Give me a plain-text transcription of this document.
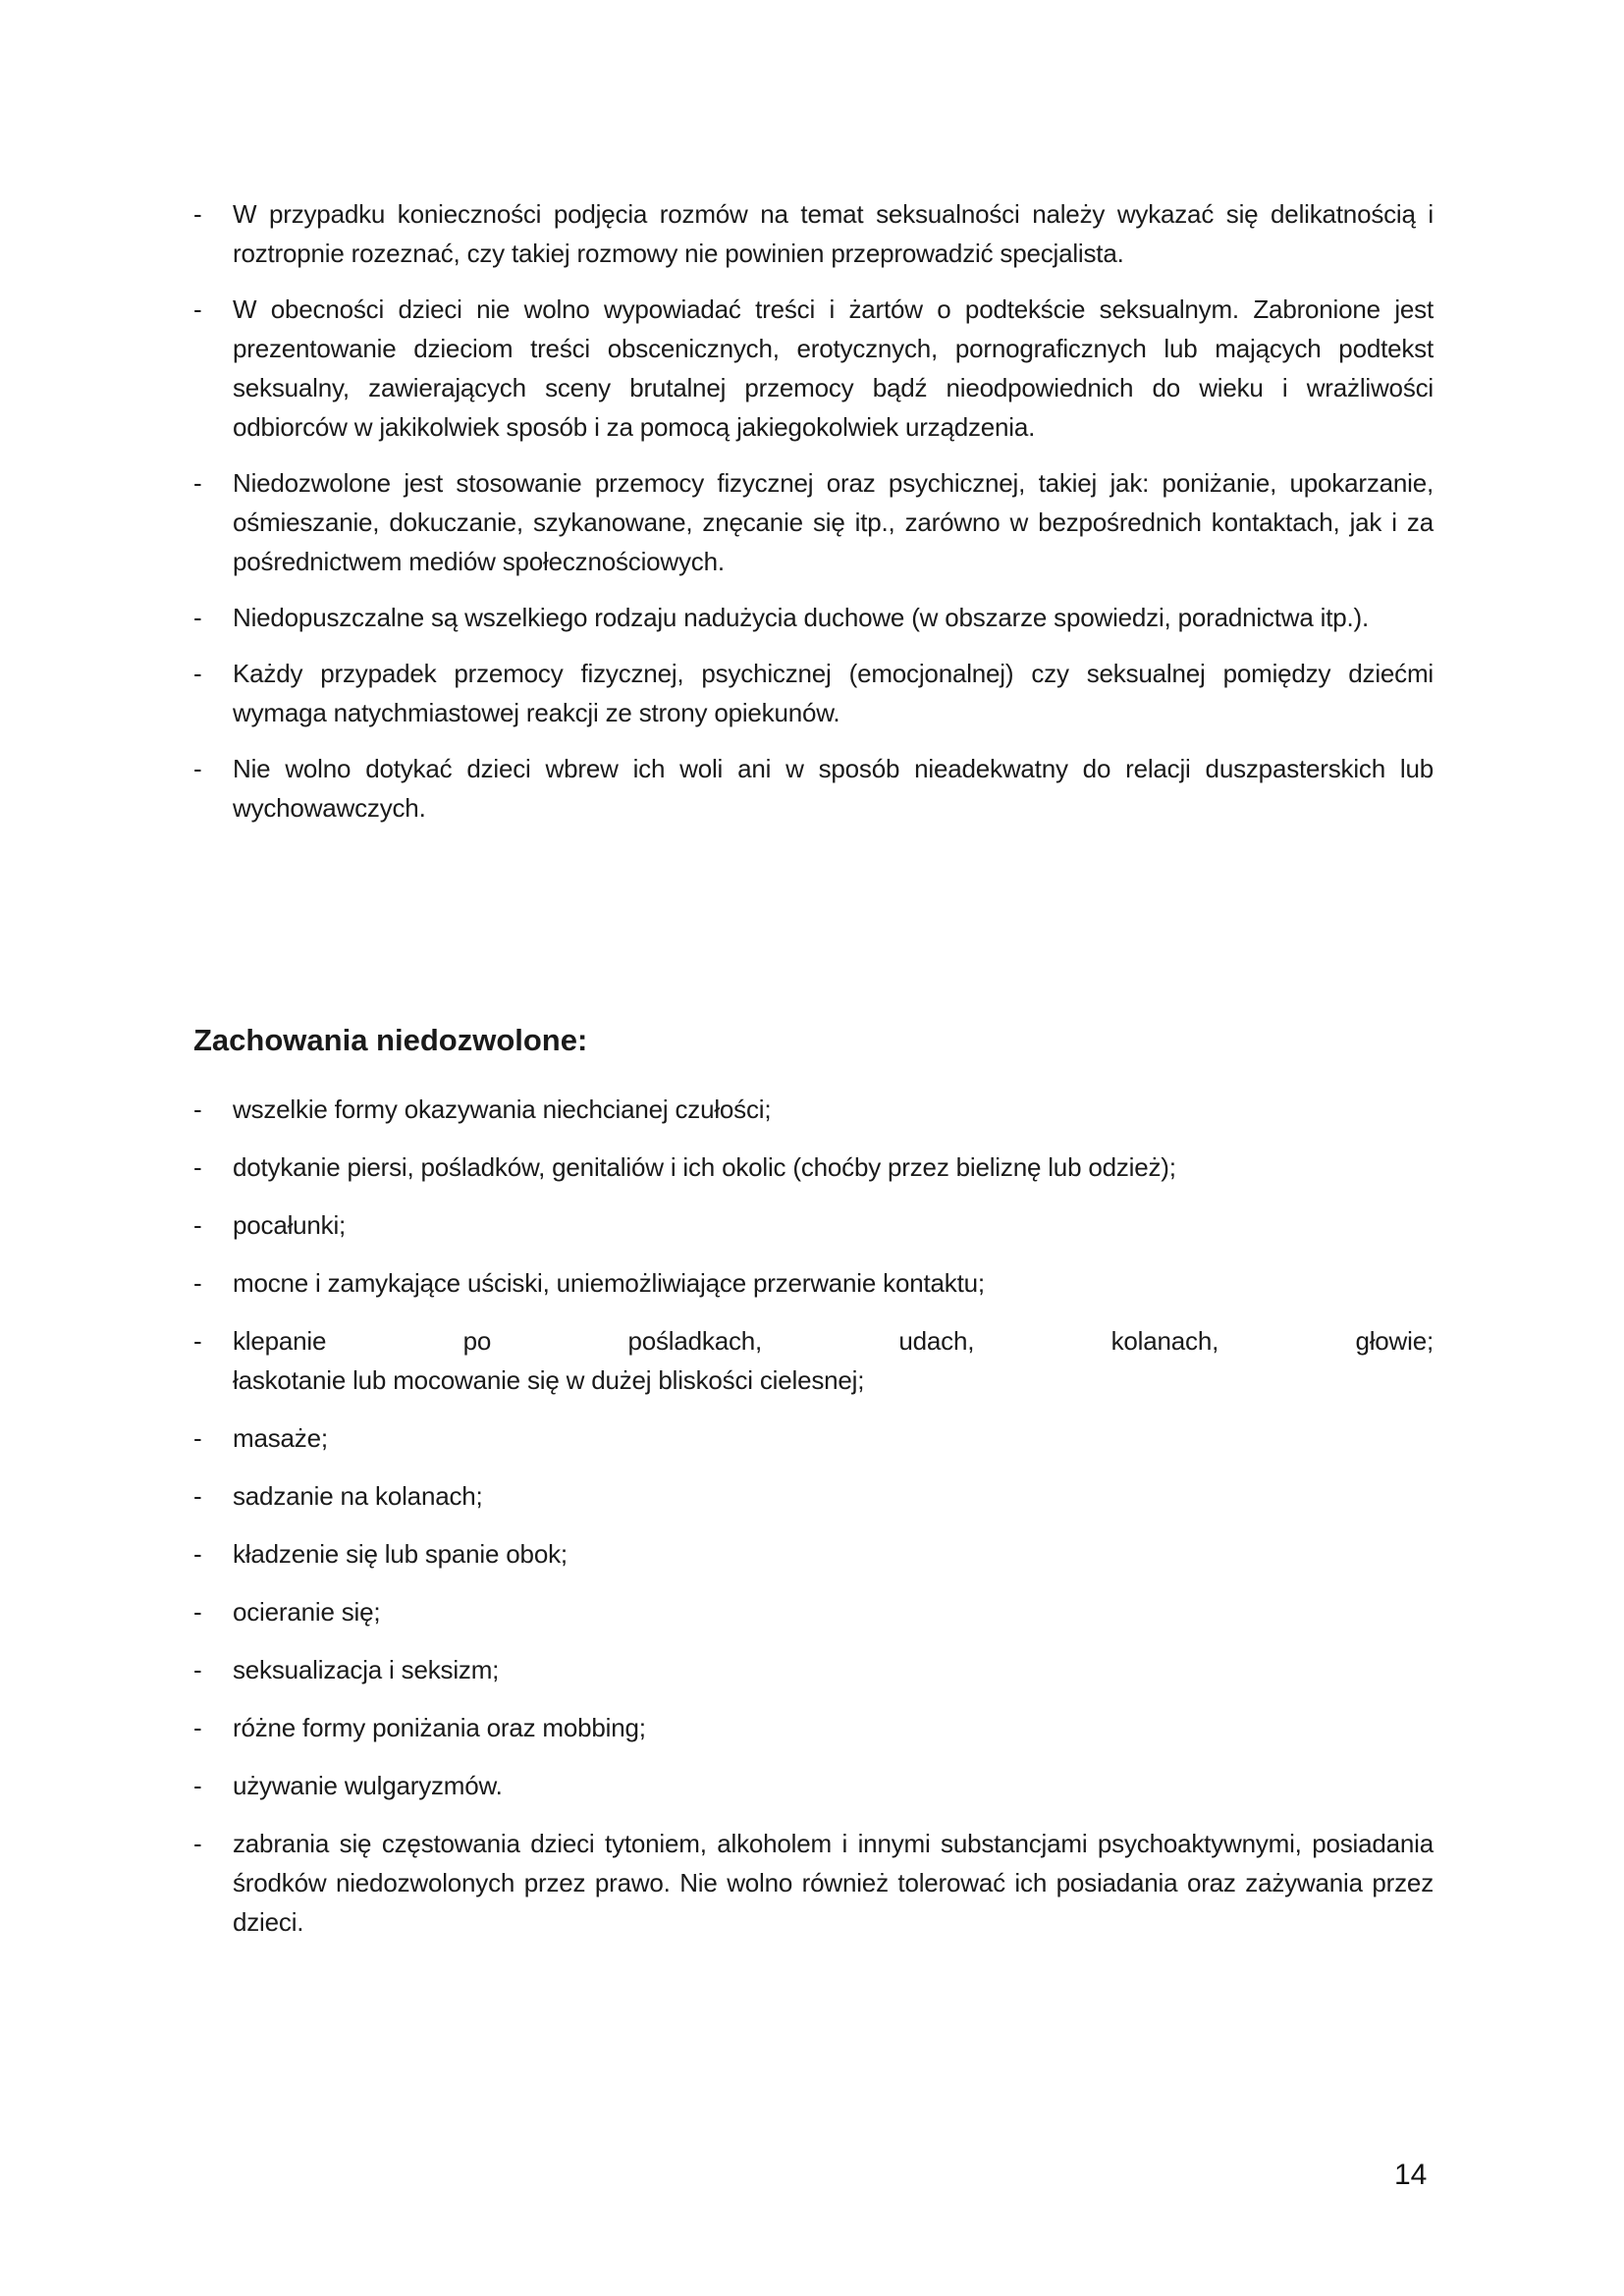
-	W przypadku konieczności podjęcia rozmów na temat seksualności należy wykazać się delikatnością i roztropnie rozeznać, czy takiej rozmowy nie powinien przeprowadzić specjalista.
-	W obecności dzieci nie wolno wypowiadać treści i żartów o podtekście seksualnym. Zabronione jest prezentowanie dzieciom treści obscenicznych, erotycznych, pornograficznych lub mających podtekst seksualny, zawierających sceny brutalnej przemocy bądź nieodpowiednich do wieku i wrażliwości odbiorców w jakikolwiek sposób i za pomocą jakiegokolwiek urządzenia.
-	Niedozwolone jest stosowanie przemocy fizycznej oraz psychicznej, takiej jak: poniżanie, upokarzanie, ośmieszanie, dokuczanie, szykanowane, znęcanie się itp., zarówno w bezpośrednich kontaktach, jak i za pośrednictwem mediów społecznościowych.
-	Niedopuszczalne są wszelkiego rodzaju nadużycia duchowe (w obszarze spowiedzi, poradnictwa itp.).
-	Każdy przypadek przemocy fizycznej, psychicznej (emocjonalnej) czy seksualnej pomiędzy dziećmi wymaga natychmiastowej reakcji ze strony opiekunów.
-	Nie wolno dotykać dzieci wbrew ich woli ani w sposób nieadekwatny do relacji duszpasterskich lub wychowawczych.
Zachowania niedozwolone:
-	wszelkie formy okazywania niechcianej czułości;
-	dotykanie piersi, pośladków, genitaliów i ich okolic (choćby przez bieliznę lub odzież);
-	pocałunki;
-	mocne i zamykające uściski, uniemożliwiające przerwanie kontaktu;
-	klepanie po pośladkach, udach, kolanach, głowie;
łaskotanie lub mocowanie się w dużej bliskości cielesnej;
-	masaże;
-	sadzanie na kolanach;
-	kładzenie się lub spanie obok;
-	ocieranie się;
-	seksualizacja i seksizm;
-	różne formy poniżania oraz mobbing;
-	używanie wulgaryzmów.
-	zabrania się częstowania dzieci tytoniem, alkoholem i innymi substancjami psychoaktywnymi, posiadania środków niedozwolonych przez prawo. Nie wolno również tolerować ich posiadania oraz zażywania przez dzieci.
14
